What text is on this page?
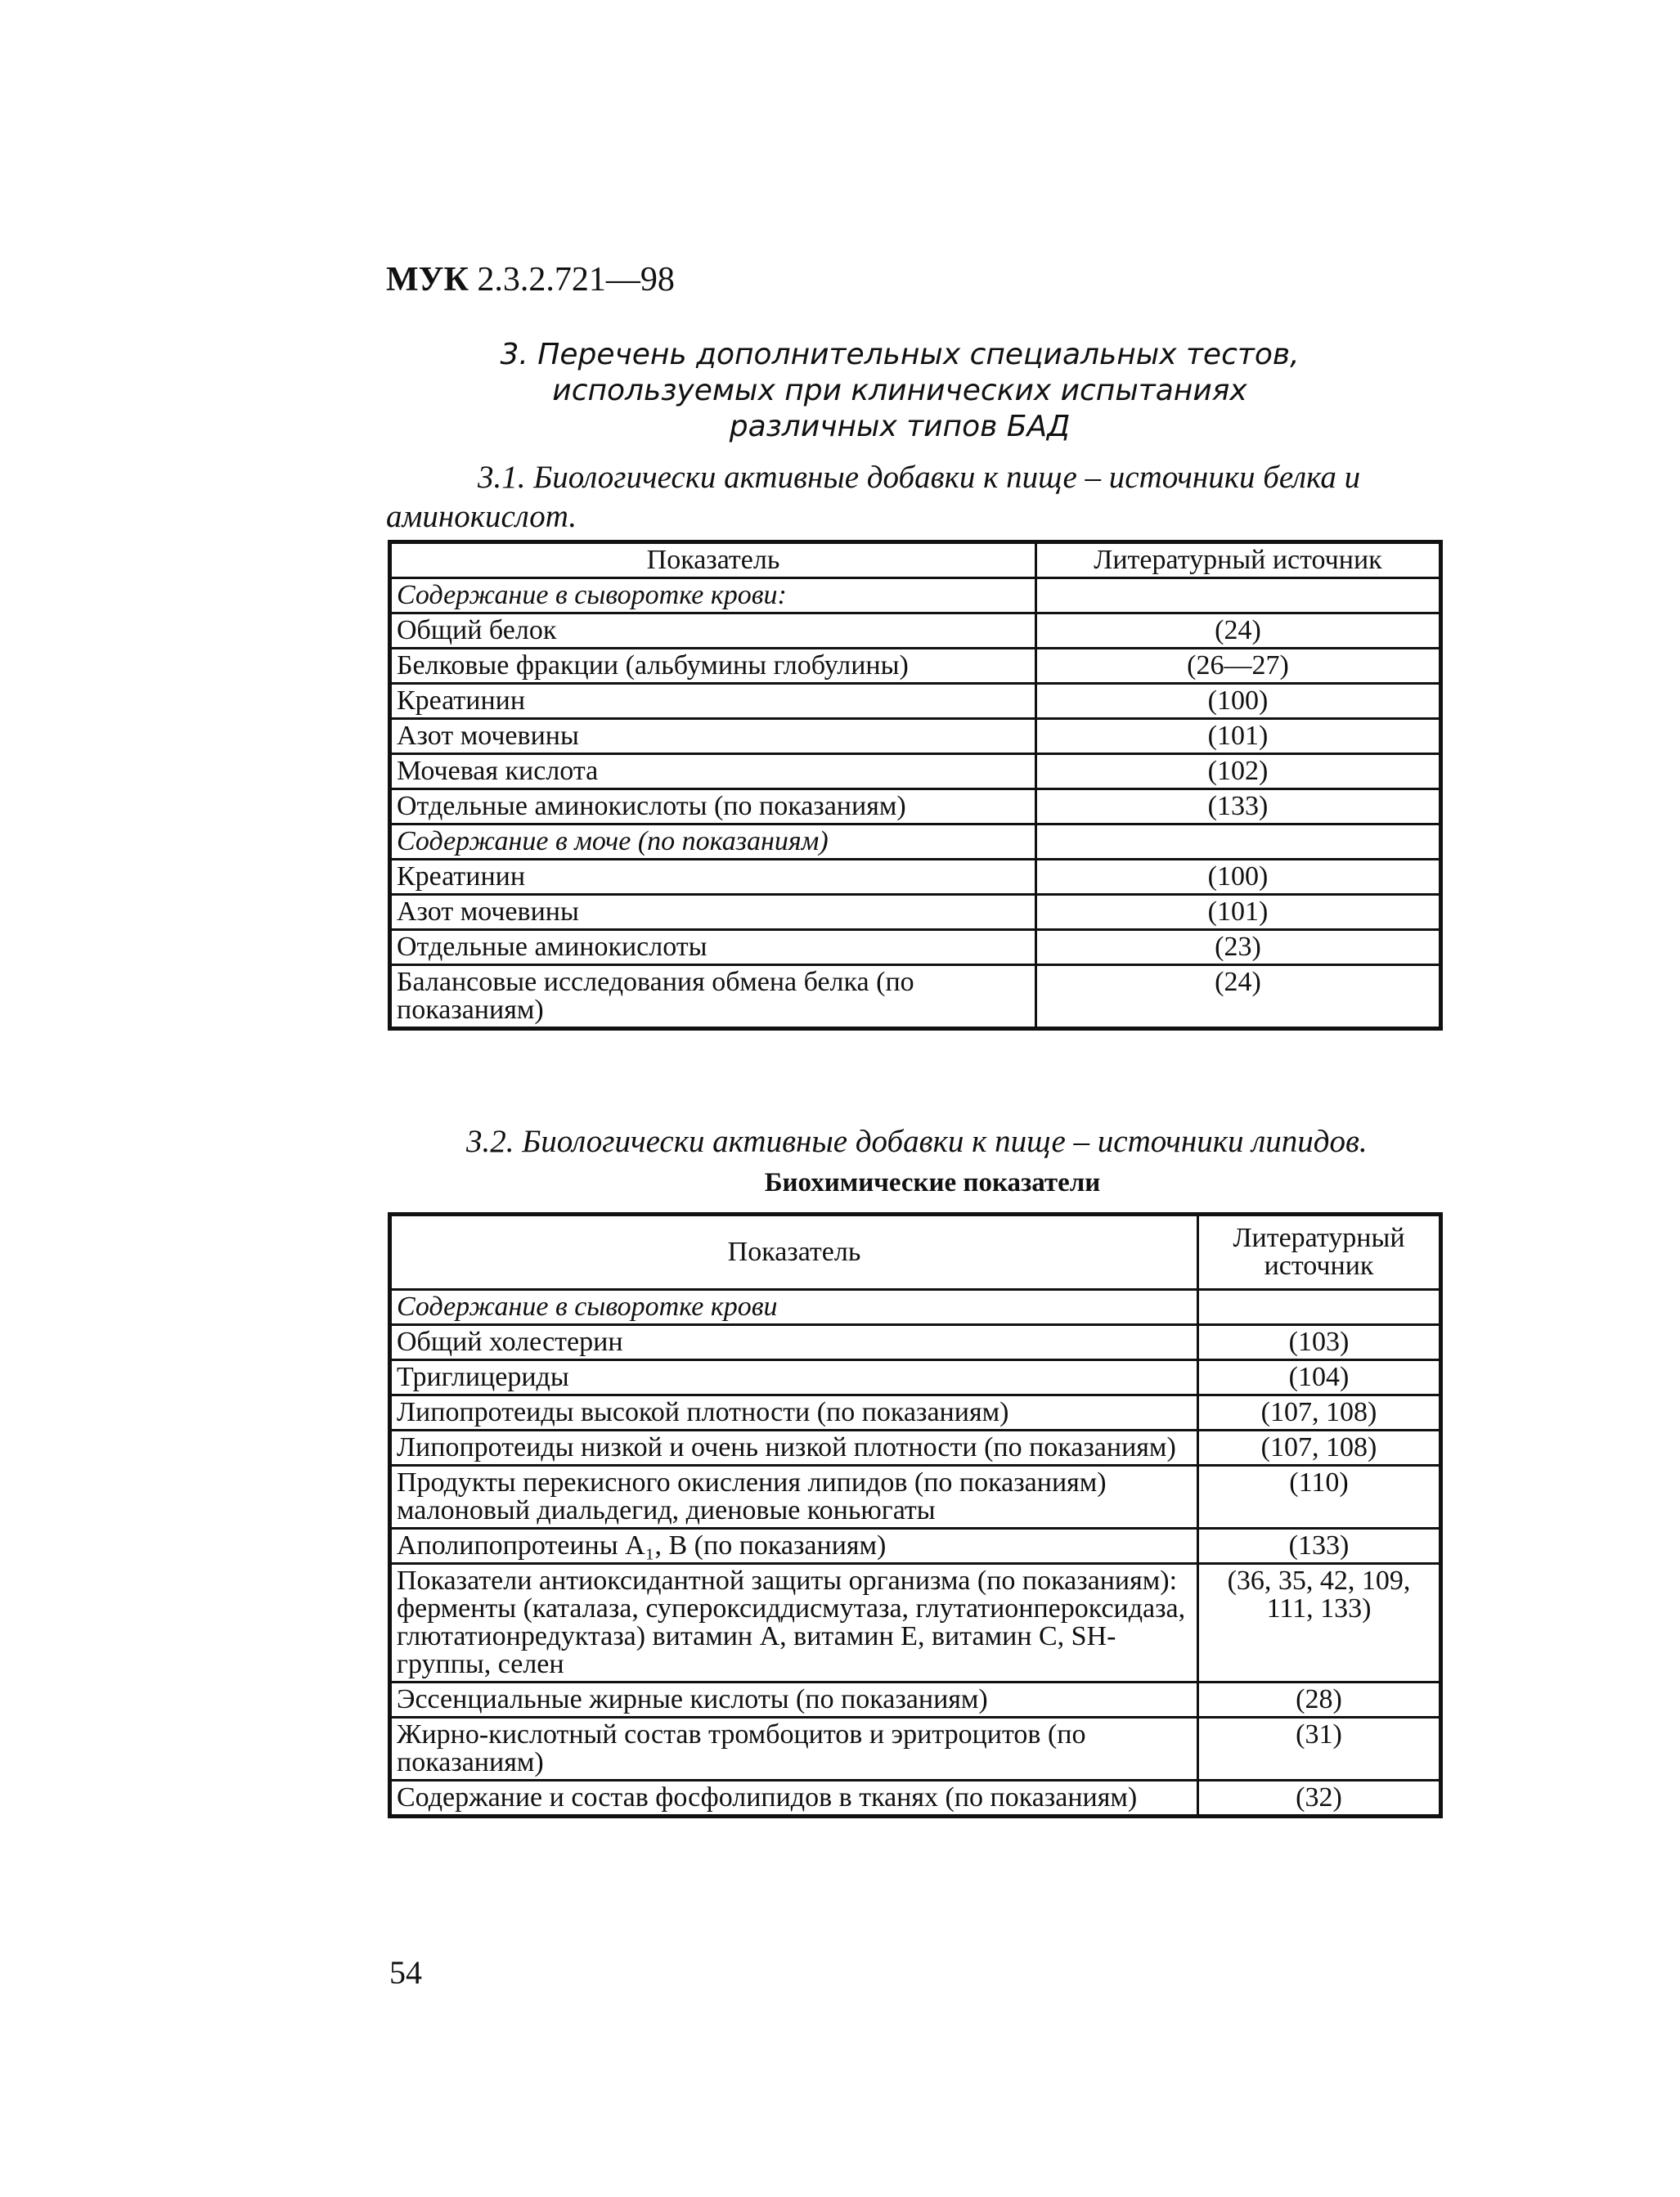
МУК 2.3.2.721—98
3. Перечень дополнительных специальных тестов,
используемых при клинических испытаниях
различных типов БАД
3.1. Биологически активные добавки к пище – источники белка и аминокислот.
Показатель	Литературный источник
Содержание в сыворотке крови:	
Общий белок	(24)
Белковые фракции (альбумины глобулины)	(26—27)
Креатинин	(100)
Азот мочевины	(101)
Мочевая кислота	(102)
Отдельные аминокислоты (по показаниям)	(133)
Содержание в моче (по показаниям)	
Креатинин	(100)
Азот мочевины	(101)
Отдельные аминокислоты	(23)
Балансовые исследования обмена белка (по показаниям)	(24)
3.2. Биологически активные добавки к пище – источники липидов.
Биохимические показатели
Показатель	Литературный источник
Содержание в сыворотке крови	
Общий холестерин	(103)
Триглицериды	(104)
Липопротеиды высокой плотности (по показаниям)	(107, 108)
Липопротеиды низкой и очень низкой плотности (по показаниям)	(107, 108)
Продукты перекисного окисления липидов (по показаниям) малоновый диальдегид, диеновые коньюгаты	(110)
Аполипопротеины A₁, B (по показаниям)	(133)
Показатели антиоксидантной защиты организма (по показаниям): ферменты (каталаза, супероксиддисмутаза, глутатионпероксидаза, глютатионредуктаза) витамин А, витамин Е, витамин С, SH-группы, селен	(36, 35, 42, 109, 111, 133)
Эссенциальные жирные кислоты (по показаниям)	(28)
Жирно-кислотный состав тромбоцитов и эритроцитов (по показаниям)	(31)
Содержание и состав фосфолипидов в тканях (по показаниям)	(32)
54
